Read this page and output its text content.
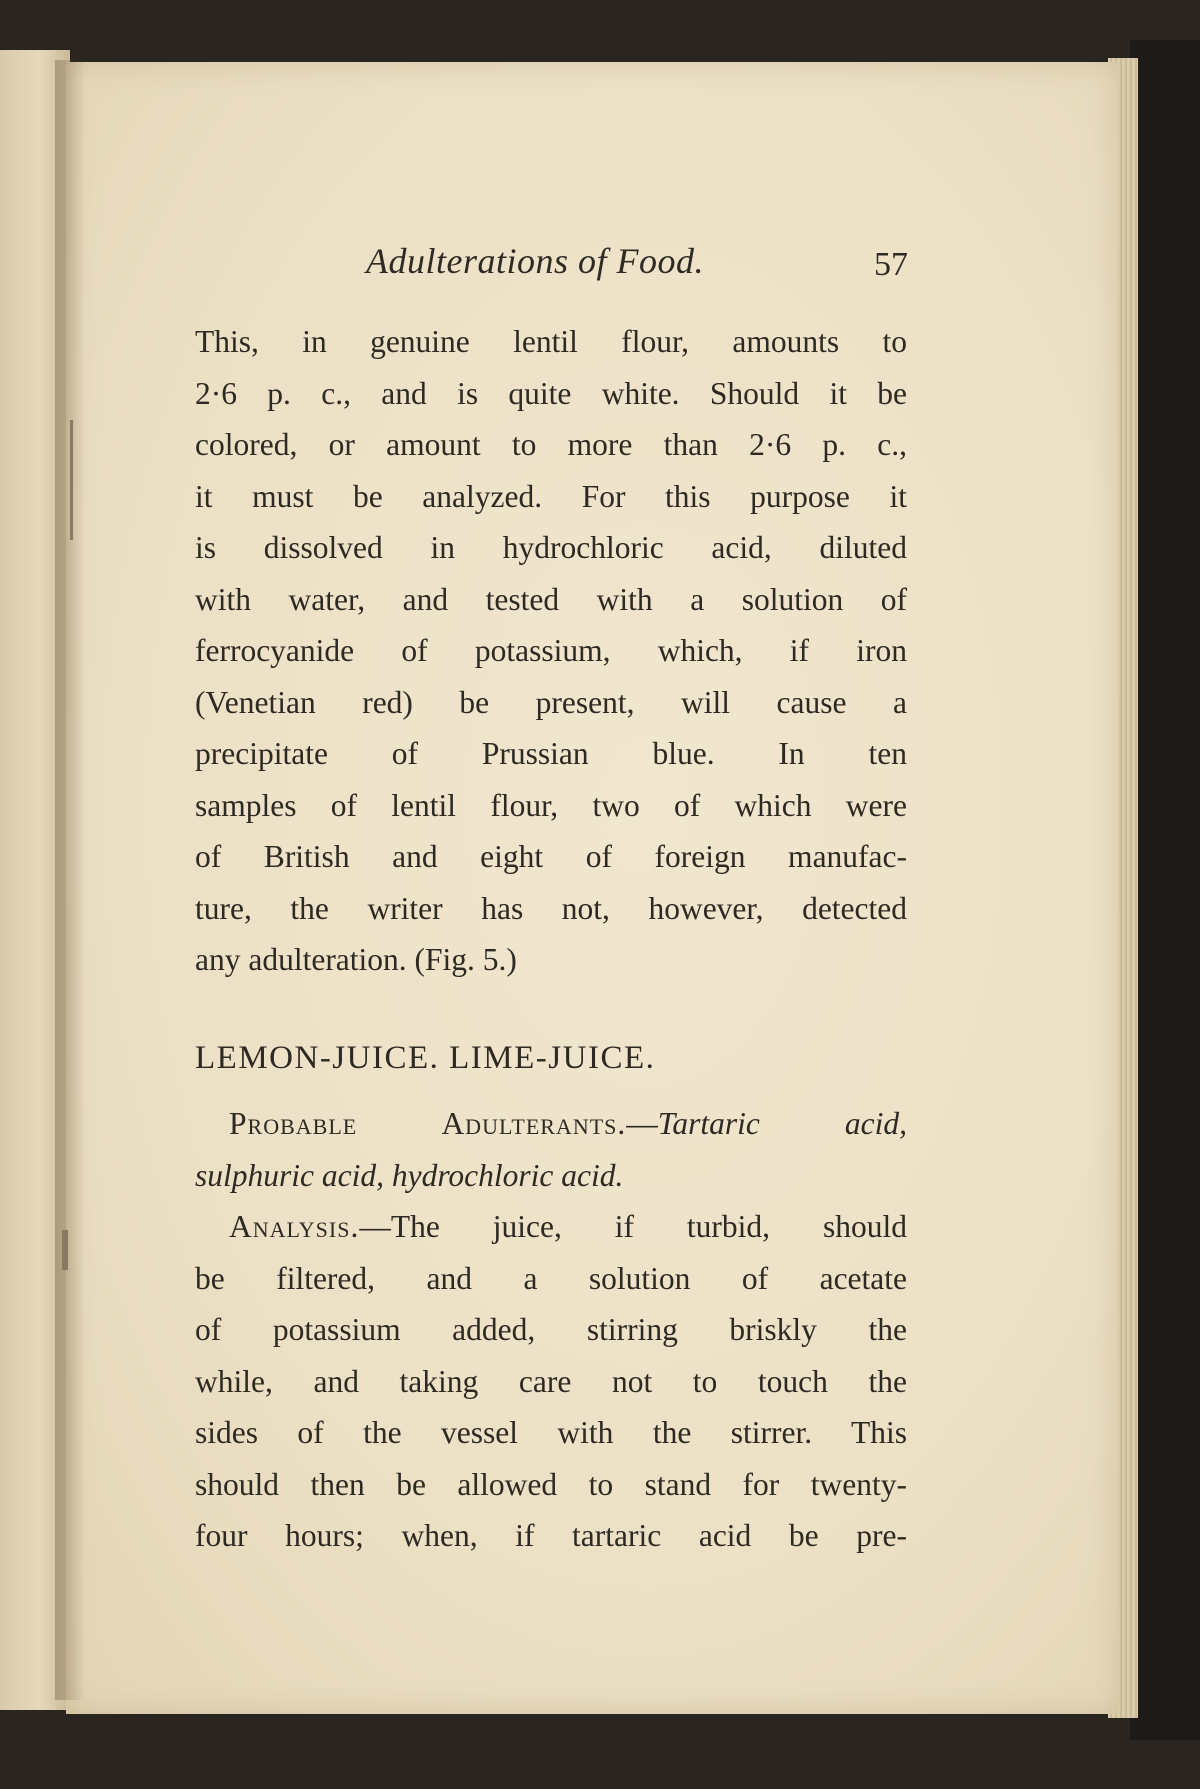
Adulterations of Food.	57
This, in genuine lentil flour, amounts to
2·6 p. c., and is quite white. Should it be
colored, or amount to more than 2·6 p. c.,
it must be analyzed. For this purpose it
is dissolved in hydrochloric acid, diluted
with water, and tested with a solution of
ferrocyanide of potassium, which, if iron
(Venetian red) be present, will cause a
precipitate of Prussian blue. In ten
samples of lentil flour, two of which were
of British and eight of foreign manufac-
ture, the writer has not, however, detected
any adulteration. (Fig. 5.)
LEMON-JUICE. LIME-JUICE.
Probable Adulterants.—Tartaric acid,
sulphuric acid, hydrochloric acid.
Analysis.—The juice, if turbid, should
be filtered, and a solution of acetate
of potassium added, stirring briskly the
while, and taking care not to touch the
sides of the vessel with the stirrer. This
should then be allowed to stand for twenty-
four hours; when, if tartaric acid be pre-
